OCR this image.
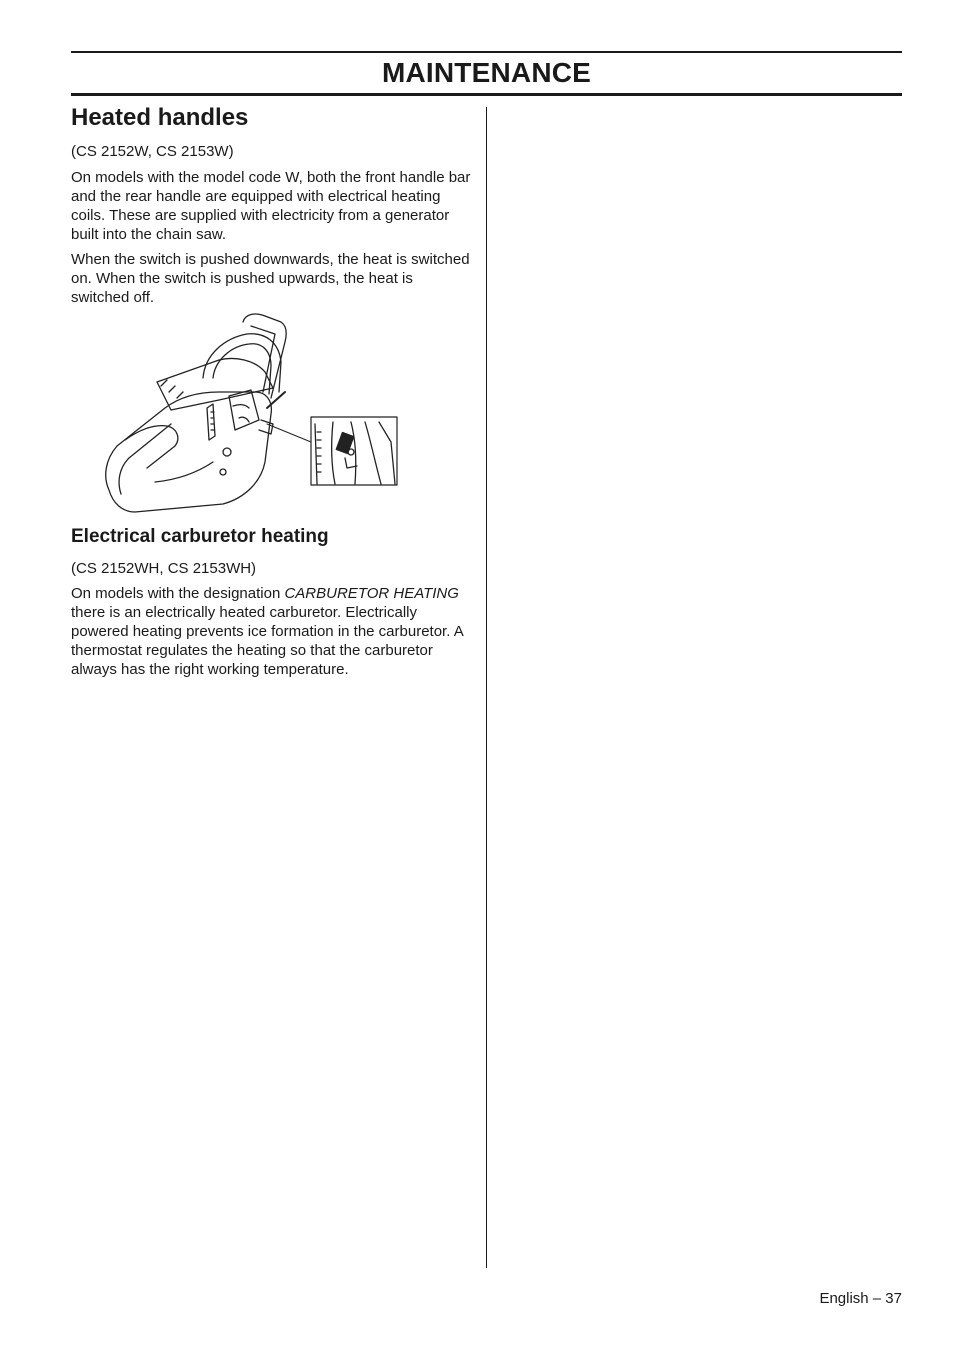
MAINTENANCE
Heated handles

(CS 2152W, CS 2153W)

On models with the model code W, both the front handle bar and the rear handle are equipped with electrical heating coils. These are supplied with electricity from a generator built into the chain saw.

When the switch is pushed downwards, the heat is switched on. When the switch is pushed upwards, the heat is switched off.

Electrical carburetor heating

(CS 2152WH, CS 2153WH)

On models with the designation CARBURETOR HEATING there is an electrically heated carburetor. Electrically powered heating prevents ice formation in the carburetor. A thermostat regulates the heating so that the carburetor always has the right working temperature.

English – 37
